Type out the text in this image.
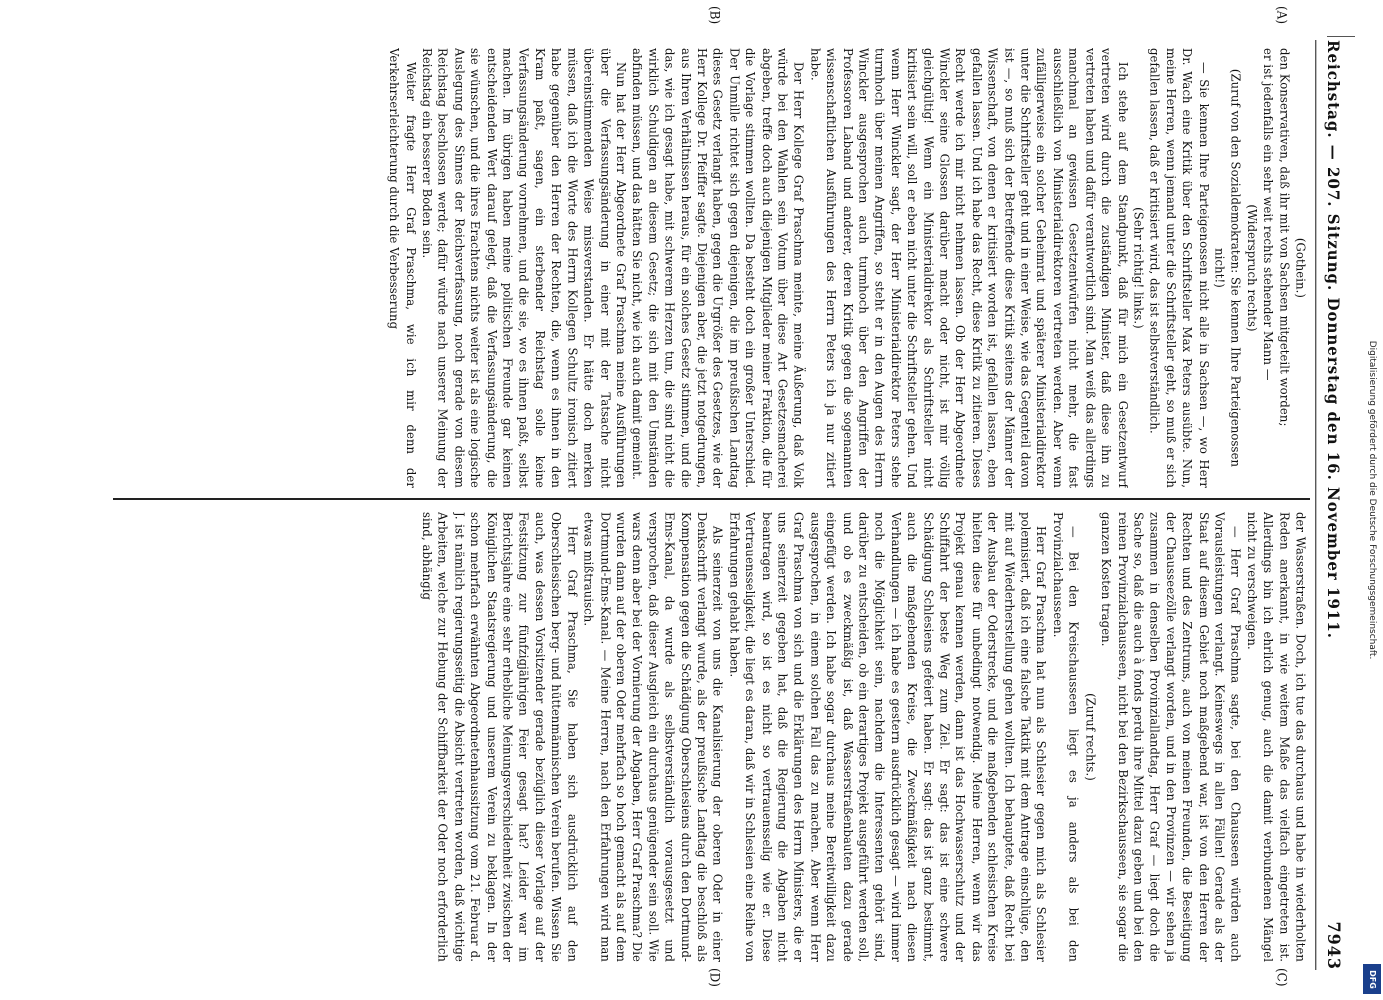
Reichstag. — 207. Sitzung. Donnerstag den 16. November 1911.
7943
(A)
(B)
(C)
(D)

(Gothein.)

den Konservativen, daß ihr mit von Sachsen mitgeteilt worden;

er ist jedenfalls ein sehr weit rechts stehender Mann —

(Widerspruch rechts)

(Zuruf von den Sozialdemokraten: Sie kennen Ihre Parteigenossen nicht!)

— Sie kennen Ihre Parteigenossen nicht alle in Sachsen —, wo Herr Dr. Wach eine Kritik über den Schriftsteller Max Peters ausübte. Nun, meine Herren, wenn jemand unter die Schriftsteller geht, so muß er sich gefallen lassen, daß er kritisiert wird, das ist selbstverständlich.

(Sehr richtig! links.)

Ich stehe auf dem Standpunkt, daß für mich ein Gesetzentwurf vertreten wird durch die zuständigen Minister, daß diese ihn zu vertreten haben und dafür verantwortlich sind. Man weiß das allerdings manchmal an gewissen Gesetzentwürfen nicht mehr, die fast ausschließlich von Ministerialdirektoren vertreten werden. Aber wenn zufälligerweise ein solcher Geheimrat und späterer Ministerialdirektor unter die Schriftsteller geht und in einer Weise, wie das Gegenteil davon ist —, so muß sich der Betreffende diese Kritik seitens der Männer der Wissenschaft, von denen er kritisiert worden ist, gefallen lassen, eben gefallen lassen. Und ich habe das Recht, diese Kritik zu zitieren. Dieses Recht werde ich mir nicht nehmen lassen. Ob der Herr Abgeordnete Winckler seine Glossen darüber macht oder nicht, ist mir völlig gleichgültig! Wenn ein Ministerialdirektor als Schriftsteller nicht kritisiert sein will, soll er eben nicht unter die Schriftsteller gehen. Und wenn Herr Winckler sagt, der Herr Ministerialdirektor Peters stehe turmhoch über meinen Angriffen, so steht er in den Augen des Herrn Winckler ausgesprochen auch turmhoch über den Angriffen der Professoren Laband und anderer, deren Kritik gegen die sogenannten wissenschaftlichen Ausführungen des Herrn Peters ich ja nur zitiert habe.

Der Herr Kollege Graf Praschma meinte, meine Äußerung, daß Volk würde bei den Wahlen sein Votum über diese Art Gesetzesmacherei abgeben, treffe doch auch diejenigen Mitglieder meiner Fraktion, die für die Vorlage stimmen wollten. Da besteht doch ein großer Unterschied. Der Unmille richtet sich gegen diejenigen, die im preußischen Landtag dieses Gesetz verlangt haben, gegen die Urgrößer des Gesetzes, wie der Herr Kollege Dr. Pfeiffer sagte. Diejenigen aber, die jetzt notgedrungen, aus Ihren Verhältnissen heraus, für ein solches Gesetz stimmen, und die das, wie ich gesagt habe, mit schwerem Herzen tun, die sind nicht die wirklich Schuldigen an diesem Gesetz; die sich mit den Umständen abfinden müssen, und das hätten Sie nicht, wie ich auch damit gemeint.

Nun hat der Herr Abgeordnete Graf Praschma meine Ausführungen über die Verfassungsänderung in einer mit der Tatsache nicht übereinstimmenden Weise missverstanden. Er hätte doch merken müssen, daß ich die Worte des Herrn Kollegen Schultz ironisch zitiert habe gegenüber den Herren der Rechten, die, wenn es ihnen in den Kram paßt, sagen, ein sterbender Reichstag solle keine Verfassungsänderung vornehmen, und die sie, wo es ihnen paßt, selbst machen. Im übrigen haben meine politischen Freunde gar keinen entscheidenden Wert darauf gelegt, daß die Verfassungsänderung, die sie wünschen, und die ihres Erachtens nichts weiter ist als eine logische Auslegung des Sinnes der Reichsverfassung, noch gerade von diesem Reichstag beschlossen werde; dafür würde nach unserer Meinung der Reichstag ein besserer Boden sein.

Weiter fragte Herr Graf Praschma, wie ich mir denn der Verkehrserleichterung durch die Verbesserung

der Wasserstraßen. Doch, ich tue das durchaus und habe in wiederholten Reden anerkannt, in wie weitem Maße das vielfach eingetreten ist. Allerdings bin ich ehrlich genug, auch die damit verbundenen Mängel nicht zu verschweigen.

— Herr Graf Praschma sagte, bei den Chausseen würden auch Vorausleistungen verlangt. Keineswegs in allen Fällen! Gerade als der Staat auf diesem Gebiet noch maßgebend war, ist von den Herren der Rechten und des Zentrums, auch von meinen Freunden, die Beseitigung der Chausseezölle verlangt worden, und in den Provinzen — wir sehen ja zusammen in denselben Provinziallandtag, Herr Graf — liegt doch die Sache so, daß die auch à fonds perdu ihre Mittel dazu geben und bei den reinen Provinzialchausseen, nicht bei den Bezirkschausseen, sie sogar die ganzen Kosten tragen.

(Zuruf rechts.)

— Bei den Kreischausseen liegt es ja anders als bei den Provinzialchausseen.

Herr Graf Praschma hat nun als Schlesier gegen mich als Schlesier polemisiert, daß ich eine falsche Taktik mit dem Antrage einschlüge, den mit auf Wiederherstellung gehen wollten. Ich behauptete, daß Recht bei der Ausbau der Oderstrecke, und die maßgebenden schlesischen Kreise hielten diese für unbedingt notwendig. Meine Herren, wenn wir das Projekt genau kennen werden, dann ist das Hochwasserschutz und der Schiffahrt der beste Weg zum Ziel. Er sagt: das ist eine schwere Schädigung Schlesiens gefeiert haben. Er sagt: das ist ganz bestimmt, auch die maßgebenden Kreise, die Zweckmäßigkeit nach diesen Verhandlungen — ich habe es gestern ausdrücklich gesagt — wird immer noch die Möglichkeit sein, nachdem die Interessenten gehört sind, darüber zu entscheiden, ob ein derartiges Projekt ausgeführt werden soll, und ob es zweckmäßig ist, daß Wasserstraßenbauten dazu gerade eingefügt werden. Ich habe sogar durchaus meine Bereitwilligkeit dazu ausgesprochen, in einem solchen Fall das zu machen. Aber wenn Herr Graf Praschma von sich und die Erklärungen des Herrn Ministers, die er uns seinerzeit gegeben hat, daß die Regierung die Abgaben nicht beantragen wird, so ist es nicht so vertrauensselig wie er. Diese Vertrauensseligkeit, die liegt es daran, daß wir in Schlesien eine Reihe von Erfahrungen gehabt haben.

Als seinerzeit von uns die Kanalisierung der oberen Oder in einer Denkschrift verlangt wurde, als der preußische Landtag die beschloß als Kompensation gegen die Schädigung Oberschlesiens durch den Dortmund-Ems-Kanal, da wurde als selbstverständlich vorausgesetzt und versprochen, daß dieser Ausgleich ein durchaus genügender sein soll. Wie wars denn aber bei der Vornierung der Abgaben, Herr Graf Praschma? Die wurden dann auf der oberen Oder mehrfach so hoch gemacht als auf dem Dortmund-Ems-Kanal. — Meine Herren, nach den Erfahrungen wird man etwas mißtrauisch.

Herr Graf Praschma, Sie haben sich ausdrücklich auf den Oberschlesischen berg- und hüttenmännischen Verein berufen. Wissen Sie auch, was dessen Vorsitzender gerade bezüglich dieser Vorlage auf der Festsitzung zur fünfzigjährigen Feier gesagt hat? Leider war im Berichtsjahre eine sehr erhebliche Meinungsverschiedenheit zwischen der Königlichen Staatsregierung und unserem Verein zu beklagen. In der schon mehrfach erwähnten Abgeordnetenhaussitzung vom 21. Februar d. J. ist nämlich regierungsseitig die Absicht vertreten worden, daß wichtige Arbeiten, welche zur Hebung der Schiffbarkeit der Oder noch erforderlich sind, abhängig	Digitalisierung gefördert durch die Deutsche Forschungsgemeinschaft.
DFG
